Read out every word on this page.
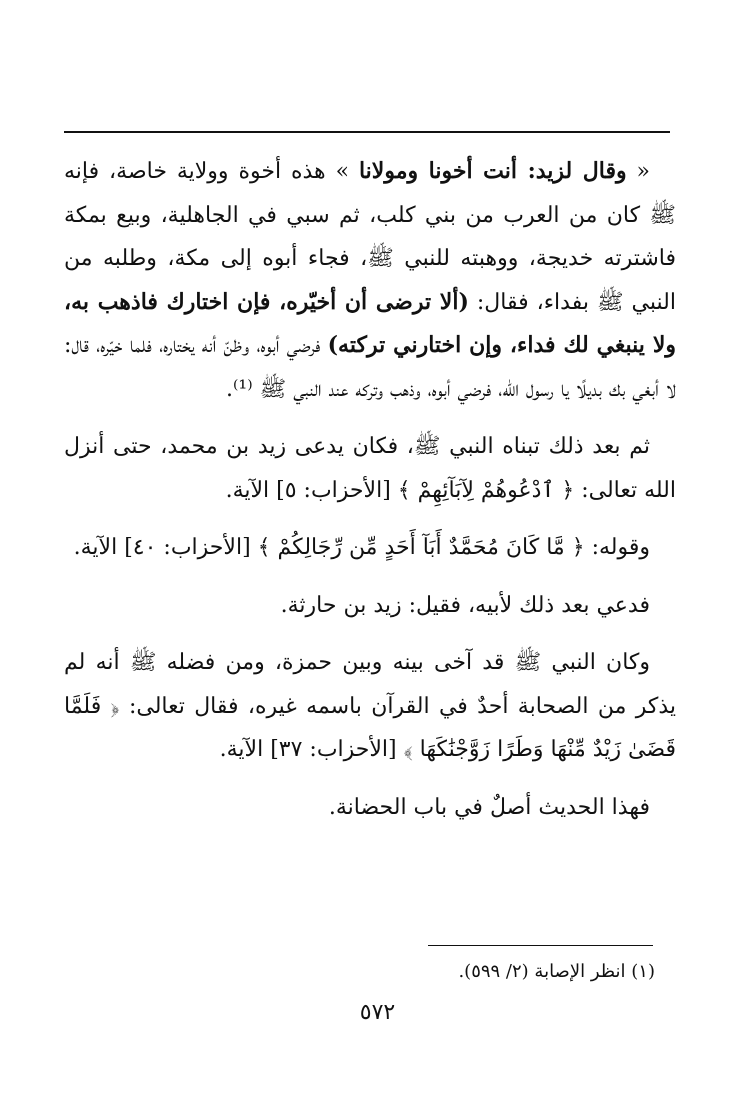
« وقال لزيد: أنت أخونا ومولانا » هذه أخوة وولاية خاصة، فإنه ﷺ كان من العرب من بني كلب، ثم سبي في الجاهلية، وبيع بمكة فاشترته خديجة، ووهبته للنبي ﷺ، فجاء أبوه إلى مكة، وطلبه من النبي ﷺ بفداء، فقال: (ألا ترضى أن أخيّره، فإن اختارك فاذهب به، ولا ينبغي لك فداء، وإن اختارني تركته) فرضي أبوه، وظنّ أنه يختاره، فلما خيّره، قال: لا أبغي بك بديلًا يا رسول الله، فرضي أبوه، وذهب وتركه عند النبي ﷺ ⁽¹⁾.

ثم بعد ذلك تبناه النبي ﷺ، فكان يدعى زيد بن محمد، حتى أنزل الله تعالى: ﴿ ٱدْعُوهُمْ لِآبَآئِهِمْ ﴾ [الأحزاب: ٥] الآية.

وقوله: ﴿ مَّا كَانَ مُحَمَّدٌ أَبَآ أَحَدٍ مِّن رِّجَالِكُمْ ﴾ [الأحزاب: ٤٠] الآية.

فدعي بعد ذلك لأبيه، فقيل: زيد بن حارثة.

وكان النبي ﷺ قد آخى بينه وبين حمزة، ومن فضله ﷺ أنه لم يذكر من الصحابة أحدٌ في القرآن باسمه غيره، فقال تعالى: ﴿ فَلَمَّا قَضَىٰ زَيْدٌ مِّنْهَا وَطَرًا زَوَّجْنَٰكَهَا ﴾ [الأحزاب: ٣٧] الآية.

فهذا الحديث أصلٌ في باب الحضانة.

(١) انظر الإصابة (٢/ ٥٩٩).
٥٧٢
